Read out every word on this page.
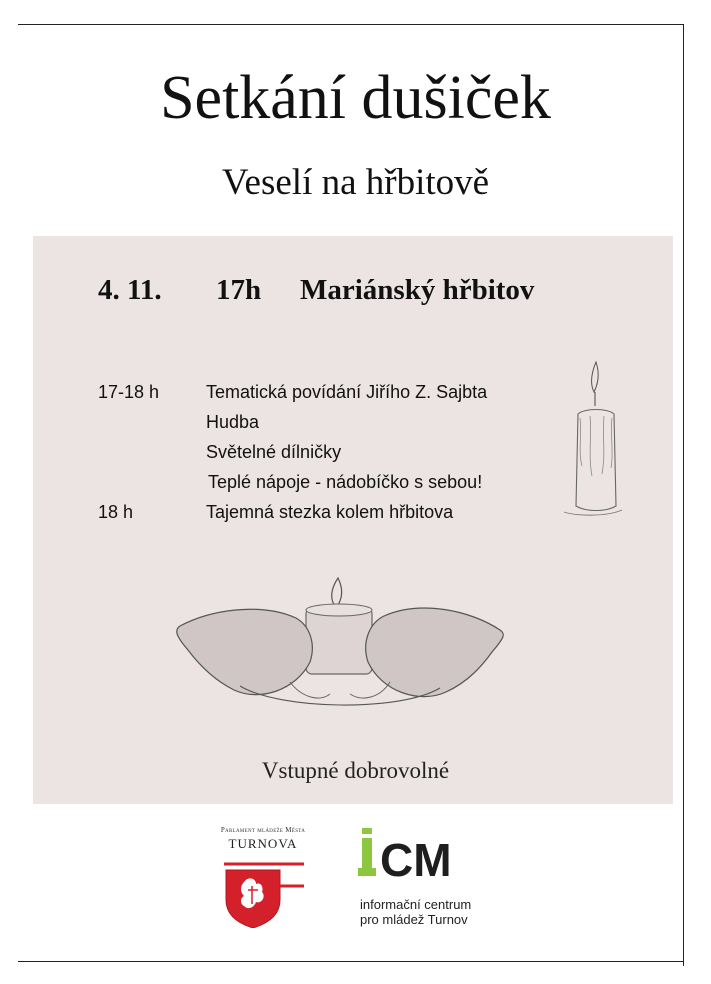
Setkání dušiček
Veselí na hřbitově
4. 11. 17h Mariánský hřbitov
17-18 h	Tematická povídání Jiřího Z. Sajbta
Hudba
Světelné dílničky
Teplé nápoje - nádobíčko s sebou!
18 h	Tajemná stezka kolem hřbitova
Vstupné dobrovolné
Parlament mládeže Města
TURNOVA CM
informační centrum
pro mládež Turnov
